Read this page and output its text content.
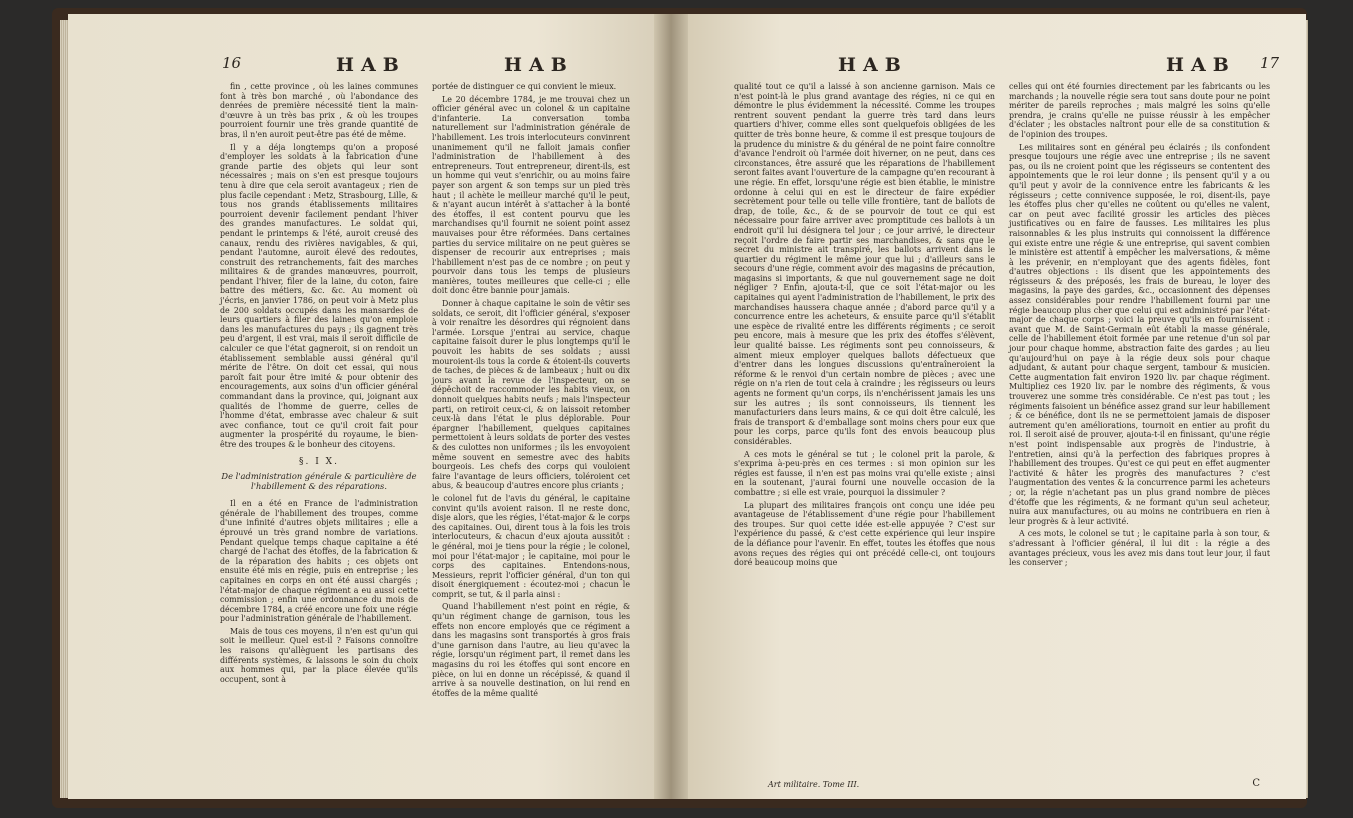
16	HAB	HAB

fin , cette province , où les laines communes font à très bon marché , où l'abondance des denrées de première nécessité tient la main-d'œuvre à un très bas prix , & où les troupes pourroient fournir une très grande quantité de bras, il n'en auroit peut-être pas été de même.

Il y a déja longtemps qu'on a proposé d'employer les soldats à la fabrication d'une grande partie des objets qui leur sont nécessaires ; mais on s'en est presque toujours tenu à dire que cela seroit avantageux ; rien de plus facile cependant : Metz, Strasbourg, Lille, & tous nos grands établissements militaires pourroient devenir facilement pendant l'hiver des grandes manufactures. Le soldat qui, pendant le printemps & l'été, auroit creusé des canaux, rendu des rivières navigables, & qui, pendant l'automne, auroit élevé des redoutes, construit des retranchements, fait des marches militaires & de grandes manœuvres, pourroit, pendant l'hiver, filer de la laine, du coton, faire battre des métiers, &c. &c. Au moment où j'écris, en janvier 1786, on peut voir à Metz plus de 200 soldats occupés dans les mansardes de leurs quartiers à filer des laines qu'on emploie dans les manufactures du pays ; ils gagnent très peu d'argent, il est vrai, mais il seroit difficile de calculer ce que l'état gagneroit, si on rendoit un établissement semblable aussi général qu'il mérite de l'être. On doit cet essai, qui nous paroît fait pour être imité & pour obtenir des encouragements, aux soins d'un officier général commandant dans la province, qui, joignant aux qualités de l'homme de guerre, celles de l'homme d'état, embrasse avec chaleur & suit avec confiance, tout ce qu'il croit fait pour augmenter la prospérité du royaume, le bien-être des troupes & le bonheur des citoyens.

§. I X.
De l'administration générale & particulière de l'habillement & des réparations.

Il en a été en France de l'administration générale de l'habillement des troupes, comme d'une infinité d'autres objets militaires ; elle a éprouvé un très grand nombre de variations. Pendant quelque temps chaque capitaine a été chargé de l'achat des étoffes, de la fabrication & de la réparation des habits ; ces objets ont ensuite été mis en régie, puis en entreprise ; les capitaines en corps en ont été aussi chargés ; l'état-major de chaque régiment a eu aussi cette commission ; enfin une ordonnance du mois de décembre 1784, a créé encore une foix une régie pour l'administration générale de l'habillement.

Mais de tous ces moyens, il n'en est qu'un qui soit le meilleur. Quel est-il ? Faisons connoître les raisons qu'allèguent les partisans des différents systèmes, & laissons le soin du choix aux hommes qui, par la place élevée qu'ils occupent, sont à

portée de distinguer ce qui convient le mieux.

Le 20 décembre 1784, je me trouvai chez un officier général avec un colonel & un capitaine d'infanterie. La conversation tomba naturellement sur l'administration générale de l'habillement. Les trois interlocuteurs convinrent unanimement qu'il ne falloit jamais confier l'administration de l'habillement à des entrepreneurs. Tout entrepreneur, dirent-ils, est un homme qui veut s'enrichir, ou au moins faire payer son argent & son temps sur un pied très haut ; il achète le meilleur marché qu'il le peut, & n'ayant aucun intérêt à s'attacher à la bonté des étoffes, il est content pourvu que les marchandises qu'il fournit ne soient point assez mauvaises pour être réformées. Dans certaines parties du service militaire on ne peut guères se dispenser de recourir aux entreprises ; mais l'habillement n'est pas de ce nombre ; on peut y pourvoir dans tous les temps de plusieurs manières, toutes meilleures que celle-ci ; elle doit donc être bannie pour jamais.

Donner à chaque capitaine le soin de vêtir ses soldats, ce seroit, dit l'officier général, s'exposer à voir renaître les désordres qui régnoient dans l'armée. Lorsque j'entrai au service, chaque capitaine faisoit durer le plus longtemps qu'il le pouvoit les habits de ses soldats ; aussi mouroient-ils tous la corde & étoient-ils couverts de taches, de pièces & de lambeaux ; huit ou dix jours avant la revue de l'inspecteur, on se dépêchoit de raccommoder les habits vieux, on donnoit quelques habits neufs ; mais l'inspecteur parti, on retiroit ceux-ci, & on laissoit retomber ceux-là dans l'état le plus déplorable. Pour épargner l'habillement, quelques capitaines permettoient à leurs soldats de porter des vestes & des culottes non uniformes ; ils les envoyoient même souvent en semestre avec des habits bourgeois. Les chefs des corps qui vouloient faire l'avantage de leurs officiers, toléroient cet abus, & beaucoup d'autres encore plus criants ;

le colonel fut de l'avis du général, le capitaine convint qu'ils avoient raison. Il ne reste donc, disje alors, que les régies, l'état-major & le corps des capitaines. Oui, dirent tous à la fois les trois interlocuteurs, & chacun d'eux ajouta aussitôt : le général, moi je tiens pour la régie ; le colonel, moi pour l'état-major ; le capitaine, moi pour le corps des capitaines. Entendons-nous, Messieurs, reprit l'officier général, d'un ton qui disoit énergiquement : écoutez-moi ; chacun le comprit, se tut, & il parla ainsi :

Quand l'habillement n'est point en régie, & qu'un régiment change de garnison, tous les effets non encore employés que ce régiment a dans les magasins sont transportés à gros frais d'une garnison dans l'autre, au lieu qu'avec la régie, lorsqu'un régiment part, il remet dans les magasins du roi les étoffes qui sont encore en pièce, on lui en donne un récépissé, & quand il arrive à sa nouvelle destination, on lui rend en étoffes de la même qualité

HAB	HAB 17

qualité tout ce qu'il a laissé à son ancienne garnison. Mais ce n'est point-là le plus grand avantage des régies, ni ce qui en démontre le plus évidemment la nécessité. Comme les troupes rentrent souvent pendant la guerre très tard dans leurs quartiers d'hiver, comme elles sont quelquefois obligées de les quitter de très bonne heure, & comme il est presque toujours de la prudence du ministre & du général de ne point faire connoître d'avance l'endroit où l'armée doit hiverner, on ne peut, dans ces circonstances, être assuré que les réparations de l'habillement seront faites avant l'ouverture de la campagne qu'en recourant à une régie. En effet, lorsqu'une régie est bien établie, le ministre ordonne à celui qui en est le directeur de faire expédier secrètement pour telle ou telle ville frontière, tant de ballots de drap, de toile, &c., & de se pourvoir de tout ce qui est nécessaire pour faire arriver avec promptitude ces ballots à un endroit qu'il lui désignera tel jour ; ce jour arrivé, le directeur reçoit l'ordre de faire partir ses marchandises, & sans que le secret du ministre ait transpiré, les ballots arrivent dans le quartier du régiment le même jour que lui ; d'ailleurs sans le secours d'une régie, comment avoir des magasins de précaution, magasins si importants, & que nul gouvernement sage ne doit négliger ? Enfin, ajouta-t-il, que ce soit l'état-major ou les capitaines qui ayent l'administration de l'habillement, le prix des marchandises haussera chaque année ; d'abord parce qu'il y a concurrence entre les acheteurs, & ensuite parce qu'il s'établit une espèce de rivalité entre les différents régiments ; ce seroit peu encore, mais à mesure que les prix des étoffes s'élèvent, leur qualité baisse. Les régiments sont peu connoisseurs, & aiment mieux employer quelques ballots défectueux que d'entrer dans les longues discussions qu'entraîneroient la réforme & le renvoi d'un certain nombre de pièces ; avec une régie on n'a rien de tout cela à craindre ; les régisseurs ou leurs agents ne forment qu'un corps, ils n'enchérissent jamais les uns sur les autres ; ils sont connoisseurs, ils tiennent les manufacturiers dans leurs mains, & ce qui doit être calculé, les frais de transport & d'emballage sont moins chers pour eux que pour les corps, parce qu'ils font des envois beaucoup plus considérables.

A ces mots le général se tut ; le colonel prit la parole, & s'exprima à-peu-près en ces termes : si mon opinion sur les régies est fausse, il n'en est pas moins vrai qu'elle existe ; ainsi en la soutenant, j'aurai fourni une nouvelle occasion de la combattre ; si elle est vraie, pourquoi la dissimuler ?

La plupart des militaires françois ont conçu une idée peu avantageuse de l'établissement d'une régie pour l'habillement des troupes. Sur quoi cette idée est-elle appuyée ? C'est sur l'expérience du passé, & c'est cette expérience qui leur inspire de la défiance pour l'avenir. En effet, toutes les étoffes que nous avons reçues des régies qui ont précédé celle-ci, ont toujours doré beaucoup moins que

celles qui ont été fournies directement par les fabricants ou les marchands ; la nouvelle régie sera tout sans doute pour ne point mériter de pareils reproches ; mais malgré les soins qu'elle prendra, je crains qu'elle ne puisse réussir à les empêcher d'éclater ; les obstacles naîtront pour elle de sa constitution & de l'opinion des troupes.

Les militaires sont en général peu éclairés ; ils confondent presque toujours une régie avec une entreprise ; ils ne savent pas, ou ils ne croient point que les régisseurs se contentent des appointements que le roi leur donne ; ils pensent qu'il y a ou qu'il peut y avoir de la connivence entre les fabricants & les régisseurs ; cette connivence supposée, le roi, disent-ils, paye les étoffes plus cher qu'elles ne coûtent ou qu'elles ne valent, car on peut avec facilité grossir les articles des pièces justificatives ou en faire de fausses. Les militaires les plus raisonnables & les plus instruits qui connoissent la différence qui existe entre une régie & une entreprise, qui savent combien le ministère est attentif à empêcher les malversations, & même à les prévenir, en n'employant que des agents fidèles, font d'autres objections : ils disent que les appointements des régisseurs & des préposés, les frais de bureau, le loyer des magasins, la paye des gardes, &c., occasionnent des dépenses assez considérables pour rendre l'habillement fourni par une régie beaucoup plus cher que celui qui est administré par l'état-major de chaque corps ; voici la preuve qu'ils en fournissent : avant que M. de Saint-Germain eût établi la masse générale, celle de l'habillement étoit formée par une retenue d'un sol par jour pour chaque homme, abstraction faite des gardes ; au lieu qu'aujourd'hui on paye à la régie deux sols pour chaque adjudant, & autant pour chaque sergent, tambour & musicien. Cette augmentation fait environ 1920 liv. par chaque régiment. Multipliez ces 1920 liv. par le nombre des régiments, & vous trouverez une somme très considérable. Ce n'est pas tout ; les régiments faisoient un bénéfice assez grand sur leur habillement ; & ce bénéfice, dont ils ne se permettoient jamais de disposer autrement qu'en améliorations, tournoit en entier au profit du roi. Il seroit aisé de prouver, ajouta-t-il en finissant, qu'une régie n'est point indispensable aux progrès de l'industrie, à l'entretien, ainsi qu'à la perfection des fabriques propres à l'habillement des troupes. Qu'est ce qui peut en effet augmenter l'activité & hâter les progrès des manufactures ? c'est l'augmentation des ventes & la concurrence parmi les acheteurs ; or, la régie n'achetant pas un plus grand nombre de pièces d'étoffe que les régiments, & ne formant qu'un seul acheteur, nuira aux manufactures, ou au moins ne contribuera en rien à leur progrès & à leur activité.

A ces mots, le colonel se tut ; le capitaine parla à son tour, & s'adressant à l'officier général, il lui dit : la régie a des avantages précieux, vous les avez mis dans tout leur jour, il faut les conserver ;

Art militaire. Tome III.	C
